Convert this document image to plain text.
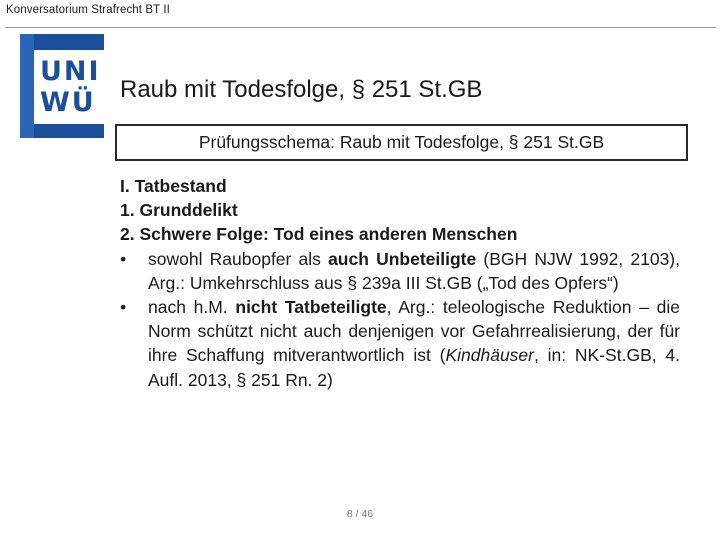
Konversatorium Strafrecht BT II
UNI
WÜ Raub mit Todesfolge, § 251 St.GB
Prüfungsschema: Raub mit Todesfolge, § 251 St.GB
I. Tatbestand
1. Grunddelikt
2. Schwere Folge: Tod eines anderen Menschen
• sowohl Raubopfer als auch Unbeteiligte (BGH NJW 1992, 2103), Arg.: Umkehrschluss aus § 239a III St.GB („Tod des Opfers“)
• nach h.M. nicht Tatbeteiligte, Arg.: teleologische Reduktion – die Norm schützt nicht auch denjenigen vor Gefahrrealisierung, der für ihre Schaffung mitverantwortlich ist (Kindhäuser, in: NK-St.GB, 4. Aufl. 2013, § 251 Rn. 2)
8 / 46
